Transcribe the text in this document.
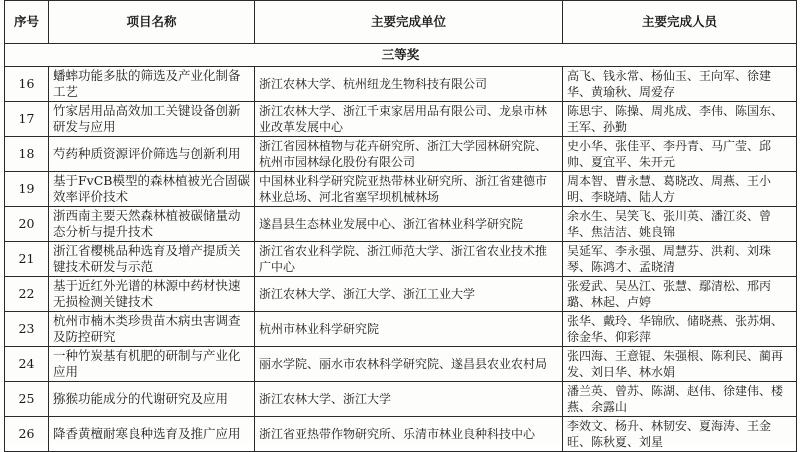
序号	项目名称	主要完成单位	主要完成人员
三等奖			
16	蟠蟀功能多肽的筛选及产业化制备工艺	浙江农林大学、杭州纽龙生物科技有限公司	高飞、钱永常、杨仙玉、王向军、徐建华、黄瑜秋、周爱存
17	竹家居用品高效加工关键设备创新研发与应用	浙江农林大学、浙江千束家居用品有限公司、龙泉市林业改革发展中心	陈思宇、陈操、周兆成、李伟、陈国东、王军、孙勤
18	芍药种质资源评价筛选与创新利用	浙江省园林植物与花卉研究所、浙江大学园林研究院、杭州市园林绿化股份有限公司	史小华、张佳平、李丹青、马广莹、邱帅、夏宜平、朱开元
19	基于FvCB模型的森林植被光合固碳效率评价技术	中国林业科学研究院亚热带林业研究所、浙江省建德市林业总场、河北省塞罕坝机械林场	周本智、曹永慧、葛晓改、周燕、王小明、李晓靖、陆人方
20	浙西南主要天然森林植被碳储量动态分析与提升技术	遂昌县生态林业发展中心、浙江省林业科学研究院	余水生、吴笑飞、张川英、潘江炎、曾华、焦洁洁、姚良锦
21	浙江省樱桃品种选育及增产提质关键技术研发与示范	浙江省农业科学院、浙江师范大学、浙江省农业技术推广中心	吴延军、李永强、周慧芬、洪莉、刘珠琴、陈鸿才、孟晓清
22	基于近红外光谱的林源中药材快速无损检测关键技术	浙江农林大学、浙江大学、浙江工业大学	张爱武、吴丛江、张慧、鄢清松、邢丙璐、林起、卢婷
23	杭州市楠木类珍贵苗木病虫害调查及防控研究	杭州市林业科学研究院	张华、戴玲、华锦欣、储晓燕、张苏炯、徐金华、仰彩萍
24	一种竹炭基有机肥的研制与产业化应用	丽水学院、丽水市农林科学研究院、遂昌县农业农村局	张四海、王意锟、朱强根、陈利民、蔺再发、刘日华、林水娟
25	猕猴功能成分的代谢研究及应用	浙江农林大学、浙江大学	潘兰英、曾苏、陈湖、赵伟、徐建伟、楼燕、余露山
26	降香黄檀耐寒良种选育及推广应用	浙江省亚热带作物研究所、乐清市林业良种科技中心	李效文、杨升、林韧安、夏海涛、王金旺、陈秋夏、刘星
